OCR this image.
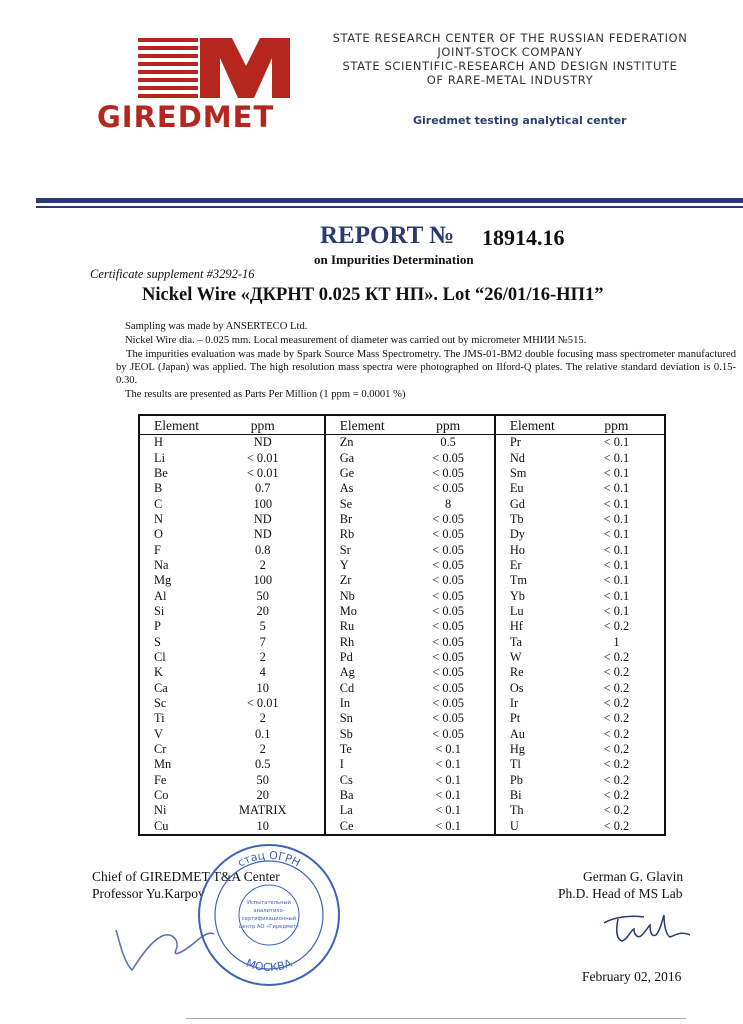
GIREDMET
STATE RESEARCH CENTER OF THE RUSSIAN FEDERATION
JOINT-STOCK COMPANY
STATE SCIENTIFIC-RESEARCH AND DESIGN INSTITUTE
OF RARE-METAL INDUSTRY
Giredmet testing analytical center
REPORT № 18914.16
on Impurities Determination
Certificate supplement #3292-16
Nickel Wire «ДКРНТ 0.025 КТ НП». Lot “26/01/16-НП1”
Sampling was made by ANSERTECO Ltd.
Nickel Wire dia. – 0.025 mm. Local measurement of diameter was carried out by micrometer МНИИ №515.
The impurities evaluation was made by Spark Source Mass Spectrometry. The JMS-01-BM2 double focusing mass spectrometer manufactured by JEOL (Japan) was applied. The high resolution mass spectra were photographed on Ilford-Q plates. The relative standard deviation is 0.15-0.30.
The results are presented as Parts Per Million (1 ppm = 0.0001 %)
Element	ppm	Element	ppm	Element	ppm
H	ND	Zn	0.5	Pr	< 0.1
Li	< 0.01	Ga	< 0.05	Nd	< 0.1
Be	< 0.01	Ge	< 0.05	Sm	< 0.1
B	0.7	As	< 0.05	Eu	< 0.1
C	100	Se	8	Gd	< 0.1
N	ND	Br	< 0.05	Tb	< 0.1
O	ND	Rb	< 0.05	Dy	< 0.1
F	0.8	Sr	< 0.05	Ho	< 0.1
Na	2	Y	< 0.05	Er	< 0.1
Mg	100	Zr	< 0.05	Tm	< 0.1
Al	50	Nb	< 0.05	Yb	< 0.1
Si	20	Mo	< 0.05	Lu	< 0.1
P	5	Ru	< 0.05	Hf	< 0.2
S	7	Rh	< 0.05	Ta	1
Cl	2	Pd	< 0.05	W	< 0.2
K	4	Ag	< 0.05	Re	< 0.2
Ca	10	Cd	< 0.05	Os	< 0.2
Sc	< 0.01	In	< 0.05	Ir	< 0.2
Ti	2	Sn	< 0.05	Pt	< 0.2
V	0.1	Sb	< 0.05	Au	< 0.2
Cr	2	Te	< 0.1	Hg	< 0.2
Mn	0.5	I	< 0.1	Tl	< 0.2
Fe	50	Cs	< 0.1	Pb	< 0.2
Co	20	Ba	< 0.1	Bi	< 0.2
Ni	MATRIX	La	< 0.1	Th	< 0.2
Cu	10	Ce	< 0.1	U	< 0.2
Chief of GIREDMET T&A Center
Professor Yu.Karpov
German G. Glavin
Ph.D. Head of MS Lab
February 02, 2016
стац ОГРН
МОСКВА
Испытательный
аналитико-
сертификационный
центр АО «Гиредмет»
